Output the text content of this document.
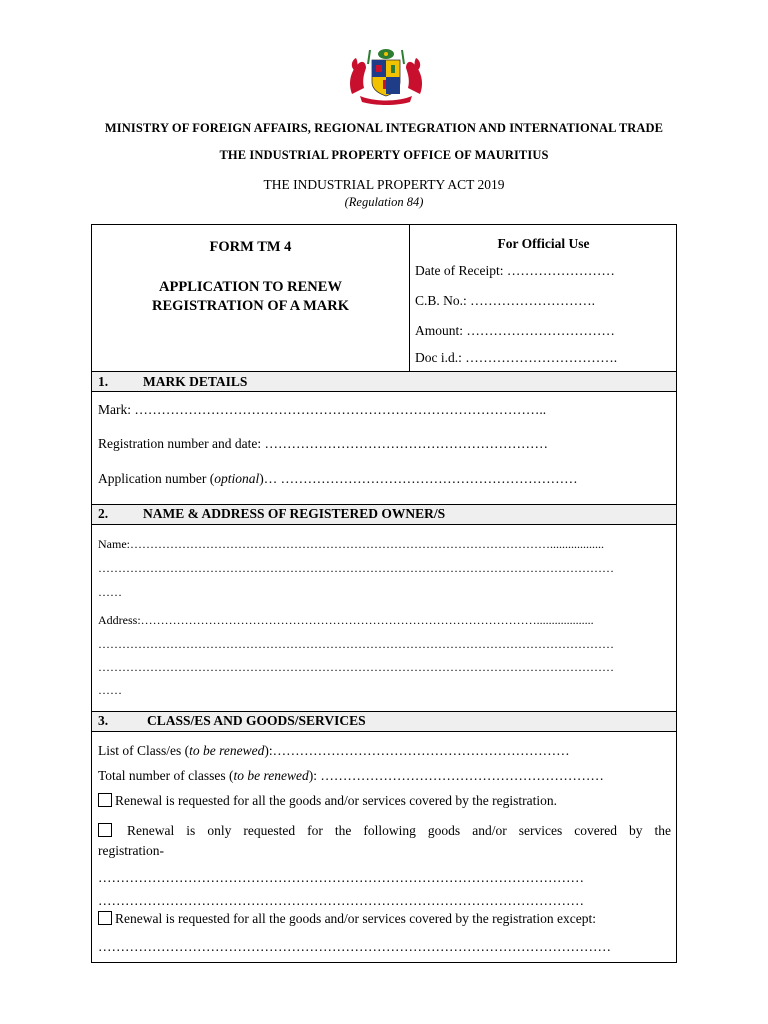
MINISTRY OF FOREIGN AFFAIRS, REGIONAL INTEGRATION AND INTERNATIONAL TRADE
THE INDUSTRIAL PROPERTY OFFICE OF MAURITIUS
THE INDUSTRIAL PROPERTY ACT 2019
(Regulation 84)
FORM TM 4
APPLICATION TO RENEW
REGISTRATION OF A MARK
For Official Use
Date of Receipt: ……………………
C.B. No.: ……………………….
Amount: ……………………………
Doc i.d.: …………………………….
1.	MARK DETAILS
Mark: ………………………………………………………………………………..
Registration number and date: ………………………………………………………
Application number (optional)… …………………………………………………………
2.	NAME & ADDRESS OF REGISTERED OWNER/S
Name:……………………………………………………………………………………………..................
…………………………………………………………………………………………………………………
……
Address:………………………………………………………………………………………...................
…………………………………………………………………………………………………………………
…………………………………………………………………………………………………………………
……
3.	CLASS/ES AND GOODS/SERVICES
List of Class/es (to be renewed):…………………………………………………………
Total number of classes (to be renewed): ………………………………………………………
Renewal is requested for all the goods and/or services covered by the registration.
Renewal is only requested for the following goods and/or services covered by the
registration-
………………………………………………………………………………………………
………………………………………………………………………………………………
Renewal is requested for all the goods and/or services covered by the registration except:
……………………………………………………………………………………………………
